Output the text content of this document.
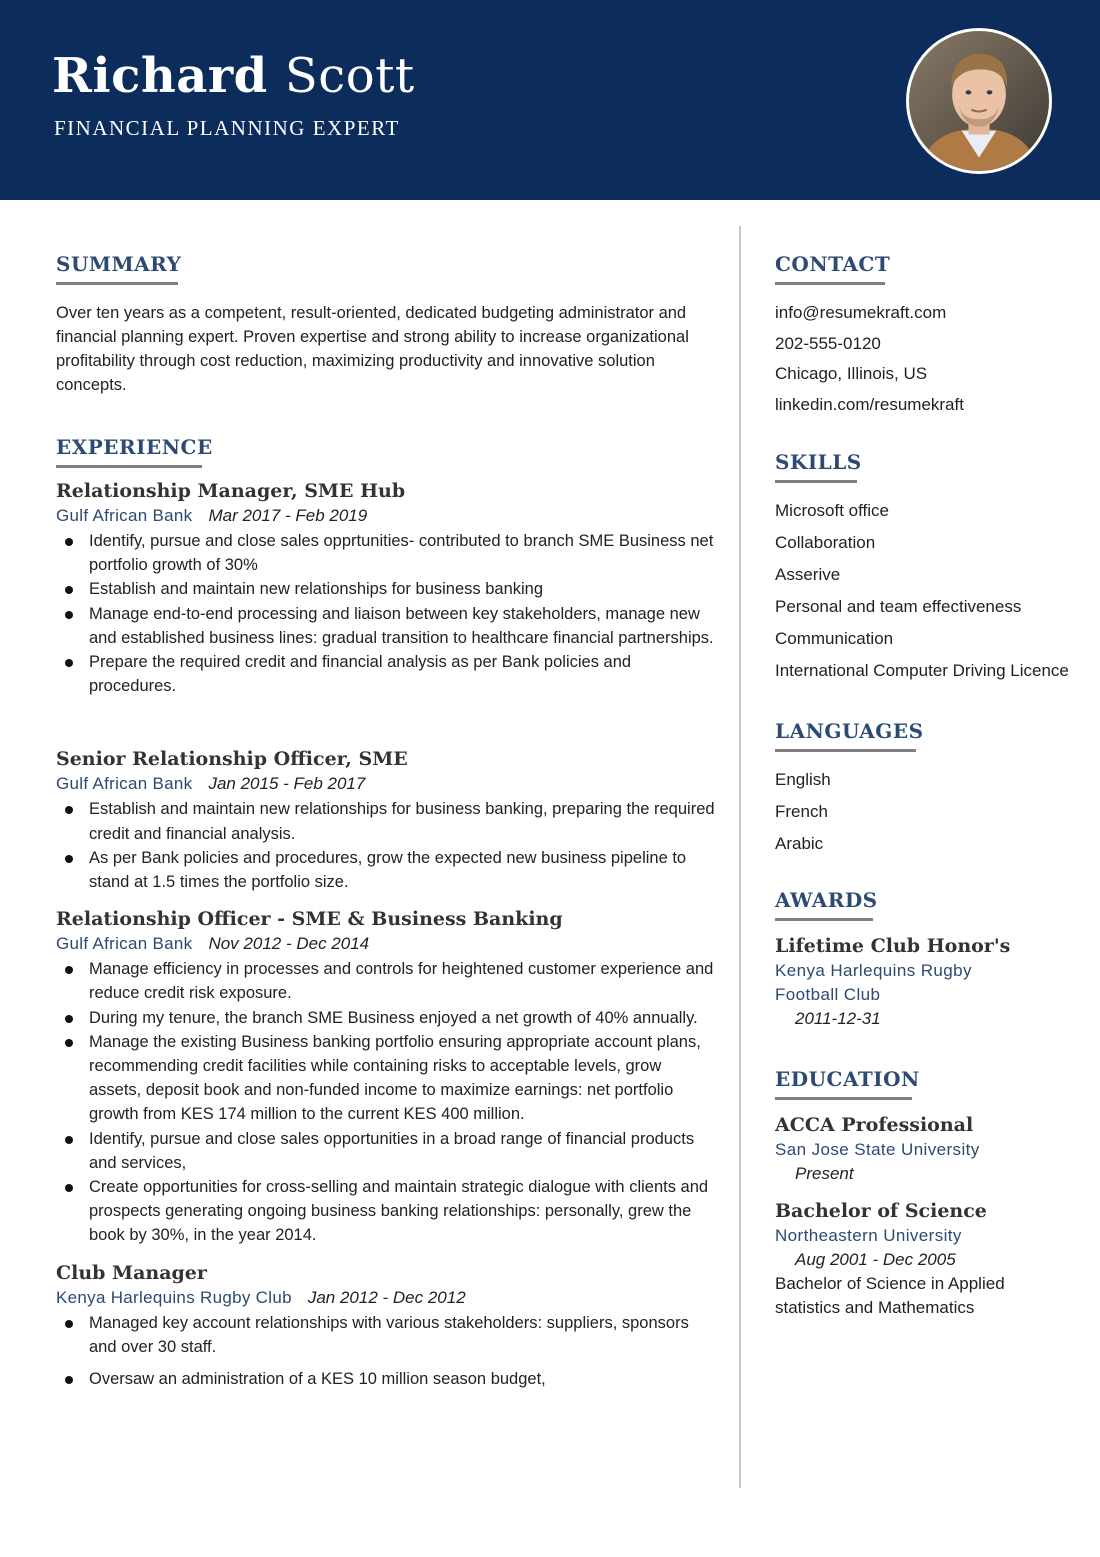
Richard Scott
FINANCIAL PLANNING EXPERT
SUMMARY
Over ten years as a competent, result-oriented, dedicated budgeting administrator and financial planning expert. Proven expertise and strong ability to increase organizational profitability through cost reduction, maximizing productivity and innovative solution concepts.
EXPERIENCE
Relationship Manager, SME Hub
Gulf African Bank Mar 2017 - Feb 2019
Identify, pursue and close sales opprtunities- contributed to branch SME Business net portfolio growth of 30%
Establish and maintain new relationships for business banking
Manage end-to-end processing and liaison between key stakeholders, manage new and established business lines: gradual transition to healthcare financial partnerships.
Prepare the required credit and financial analysis as per Bank policies and procedures.
Senior Relationship Officer, SME
Gulf African Bank Jan 2015 - Feb 2017
Establish and maintain new relationships for business banking, preparing the required credit and financial analysis.
As per Bank policies and procedures, grow the expected new business pipeline to stand at 1.5 times the portfolio size.
Relationship Officer - SME & Business Banking
Gulf African Bank Nov 2012 - Dec 2014
Manage efficiency in processes and controls for heightened customer experience and reduce credit risk exposure.
During my tenure, the branch SME Business enjoyed a net growth of 40% annually.
Manage the existing Business banking portfolio ensuring appropriate account plans, recommending credit facilities while containing risks to acceptable levels, grow assets, deposit book and non-funded income to maximize earnings: net portfolio growth from KES 174 million to the current KES 400 million.
Identify, pursue and close sales opportunities in a broad range of financial products and services,
Create opportunities for cross-selling and maintain strategic dialogue with clients and prospects generating ongoing business banking relationships: personally, grew the book by 30%, in the year 2014.
Club Manager
Kenya Harlequins Rugby Club Jan 2012 - Dec 2012
Managed key account relationships with various stakeholders: suppliers, sponsors and over 30 staff.
Oversaw an administration of a KES 10 million season budget,
CONTACT
info@resumekraft.com
202-555-0120
Chicago, Illinois, US
linkedin.com/resumekraft
SKILLS
Microsoft office
Collaboration
Asserive
Personal and team effectiveness
Communication
International Computer Driving Licence
LANGUAGES
English
French
Arabic
AWARDS
Lifetime Club Honor's
Kenya Harlequins Rugby Football Club
2011-12-31
EDUCATION
ACCA Professional
San Jose State University
Present
Bachelor of Science
Northeastern University
Aug 2001 - Dec 2005
Bachelor of Science in Applied statistics and Mathematics
